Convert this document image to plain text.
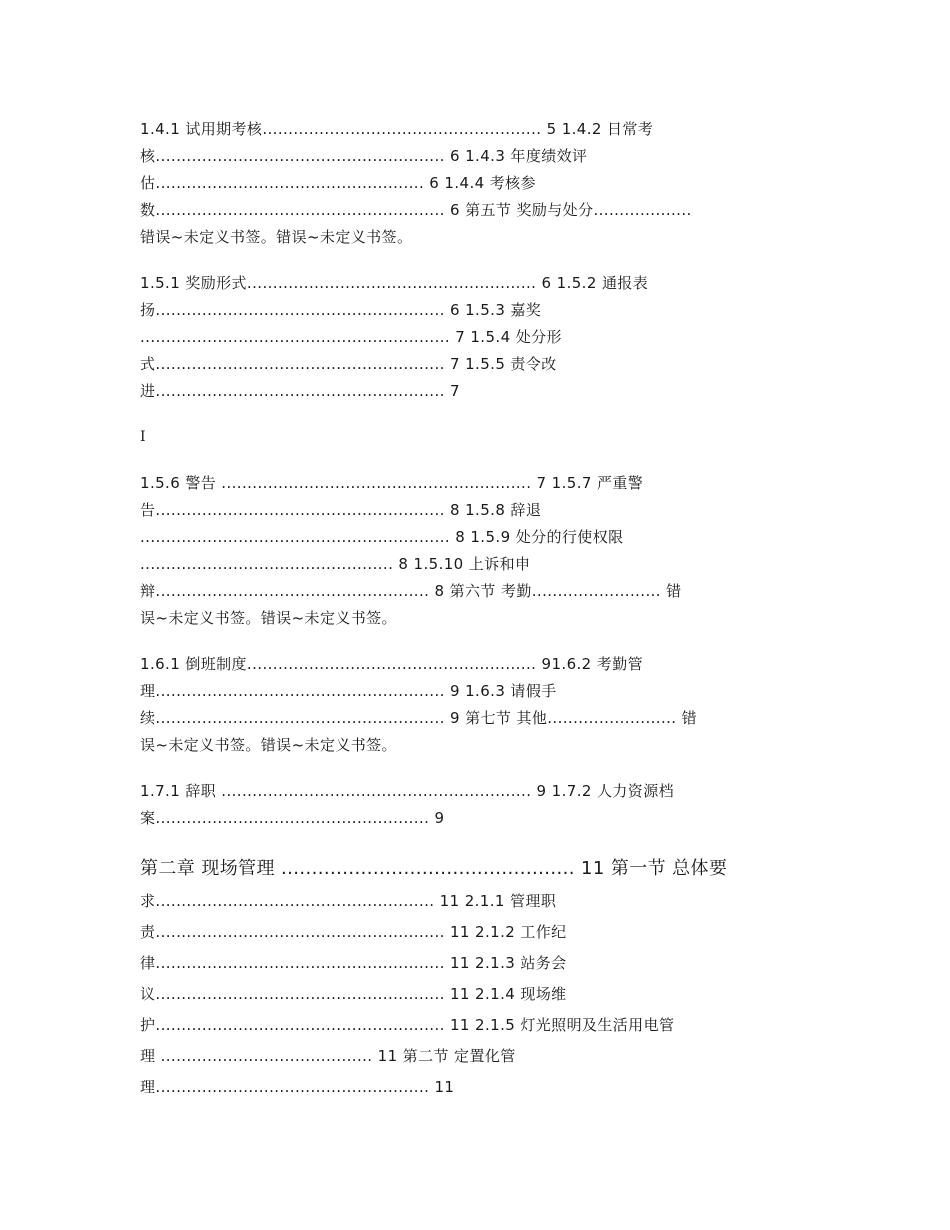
1.4.1 试用期考核...................................................... 5 1.4.2 日常考
核........................................................ 6 1.4.3 年度绩效评
估.................................................... 6 1.4.4 考核参
数........................................................ 6 第五节 奖励与处分...................
错误~未定义书签。错误~未定义书签。
1.5.1 奖励形式........................................................ 6 1.5.2 通报表
扬........................................................ 6 1.5.3 嘉奖
............................................................ 7 1.5.4 处分形
式........................................................ 7 1.5.5 责令改
进........................................................ 7
I
1.5.6 警告 ............................................................ 7 1.5.7 严重警
告........................................................ 8 1.5.8 辞退
............................................................ 8 1.5.9 处分的行使权限
................................................. 8 1.5.10 上诉和申
辩..................................................... 8 第六节 考勤......................... 错
误~未定义书签。错误~未定义书签。
1.6.1 倒班制度........................................................ 91.6.2 考勤管
理........................................................ 9 1.6.3 请假手
续........................................................ 9 第七节 其他......................... 错
误~未定义书签。错误~未定义书签。
1.7.1 辞职 ............................................................ 9 1.7.2 人力资源档
案..................................................... 9
第二章 现场管理 ................................................ 11 第一节 总体要
求...................................................... 11 2.1.1 管理职
责........................................................ 11 2.1.2 工作纪
律........................................................ 11 2.1.3 站务会
议........................................................ 11 2.1.4 现场维
护........................................................ 11 2.1.5 灯光照明及生活用电管
理 ......................................... 11 第二节 定置化管
理..................................................... 11
